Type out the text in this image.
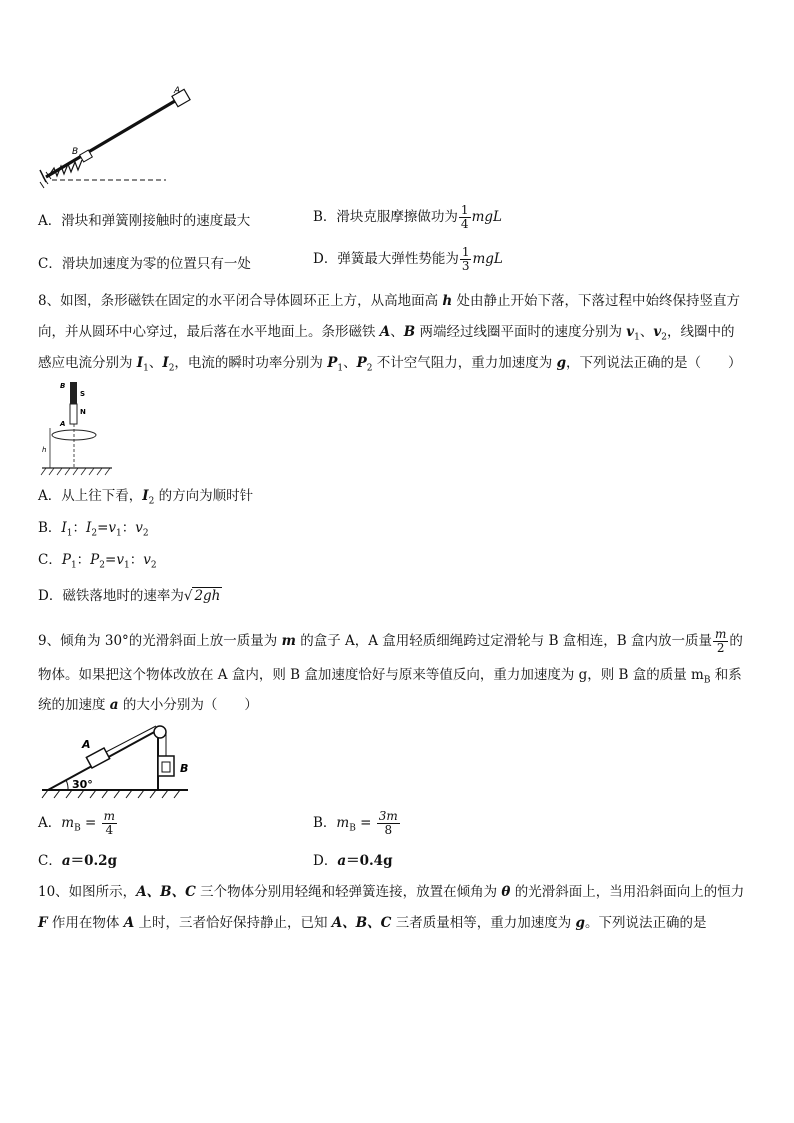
A
B
A．滑块和弹簧刚接触时的速度最大	B．滑块克服摩擦做功为 $\frac{1}{4}$ mgL
C．滑块加速度为零的位置只有一处	D．弹簧最大弹性势能为 $\frac{1}{3}$ mgL
8、如图，条形磁铁在固定的水平闭合导体圆环正上方，从高地面高 h 处由静止开始下落，下落过程中始终保持竖直方
向，并从圆环中心穿过，最后落在水平地面上。条形磁铁 A、B 两端经过线圈平面时的速度分别为 $v_1$、$v_2$，线圈中的
感应电流分别为 $I_1$、$I_2$，电流的瞬时功率分别为 $P_1$、$P_2$ 不计空气阻力，重力加速度为 g，下列说法正确的是（　　）
B
S
N
A
h
A．从上往下看，$I_2$ 的方向为顺时针
B．$I_1$：$I_2=v_1$：$v_2$
C．$P_1$：$P_2=v_1$：$v_2$
D．磁铁落地时的速率为√ 2gh
9、倾角为 30°的光滑斜面上放一质量为 m 的盒子 A，A 盒用轻质细绳跨过定滑轮与 B 盒相连，B 盒内放一质量 $\frac{m}{2}$ 的
物体。如果把这个物体改放在 A 盒内，则 B 盒加速度恰好与原来等值反向，重力加速度为 g，则 B 盒的质量 $m_B$ 和系
统的加速度 a 的大小分别为（　　）
30°
A
B
A．$m_B = \frac{m}{4}$	B．$m_B = \frac{3m}{8}$
C．a＝0.2g	D．a＝0.4g
10、如图所示，A、B、C 三个物体分别用轻绳和轻弹簧连接，放置在倾角为 θ 的光滑斜面上，当用沿斜面向上的恒力
F 作用在物体 A 上时，三者恰好保持静止，已知 A、B、C 三者质量相等，重力加速度为 g。下列说法正确的是
